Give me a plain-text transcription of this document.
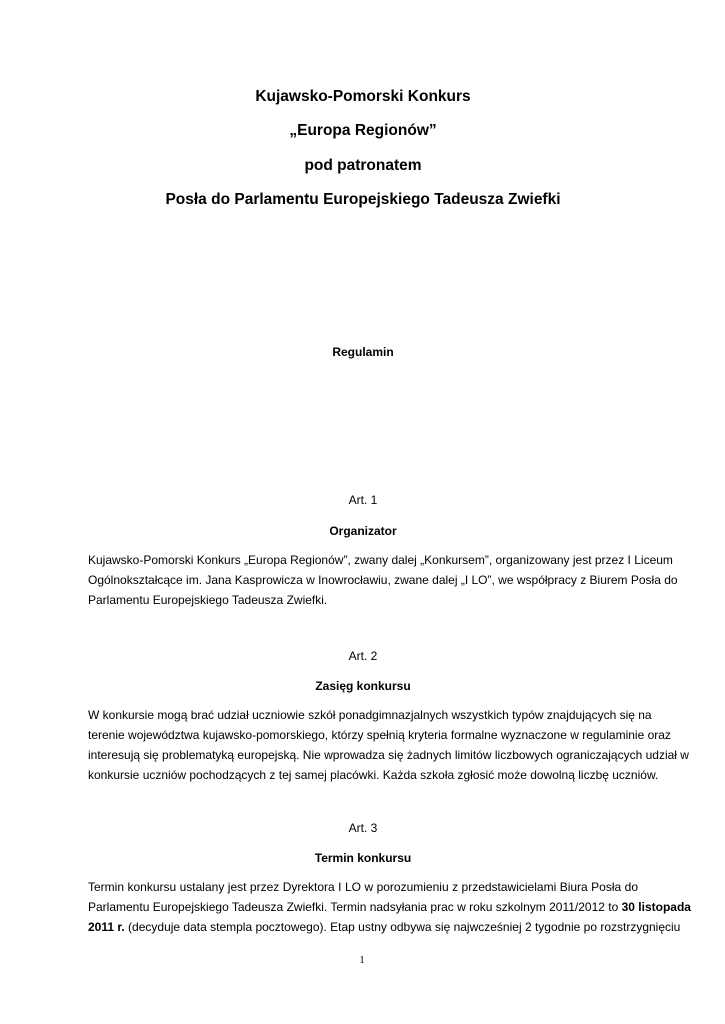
Kujawsko-Pomorski Konkurs
„Europa Regionów”
pod patronatem
Posła do Parlamentu Europejskiego Tadeusza Zwiefki
Regulamin
Art. 1
Organizator
Kujawsko-Pomorski Konkurs „Europa Regionów”, zwany dalej „Konkursem”, organizowany jest przez I Liceum
Ogólnokształcące im. Jana Kasprowicza w Inowrocławiu, zwane dalej „I LO”, we współpracy z Biurem Posła do
Parlamentu Europejskiego Tadeusza Zwiefki.
Art. 2
Zasięg konkursu
W konkursie mogą brać udział uczniowie szkół ponadgimnazjalnych wszystkich typów znajdujących się na
terenie województwa kujawsko-pomorskiego, którzy spełnią kryteria formalne wyznaczone w regulaminie oraz
interesują się problematyką europejską. Nie wprowadza się żadnych limitów liczbowych ograniczających udział w
konkursie uczniów pochodzących z tej samej placówki. Każda szkoła zgłosić może dowolną liczbę uczniów.
Art. 3
Termin konkursu
Termin konkursu ustalany jest przez Dyrektora I LO w porozumieniu z przedstawicielami Biura Posła do
Parlamentu Europejskiego Tadeusza Zwiefki. Termin nadsyłania prac w roku szkolnym 2011/2012 to 30 listopada
2011 r. (decyduje data stempla pocztowego). Etap ustny odbywa się najwcześniej 2 tygodnie po rozstrzygnięciu
1
